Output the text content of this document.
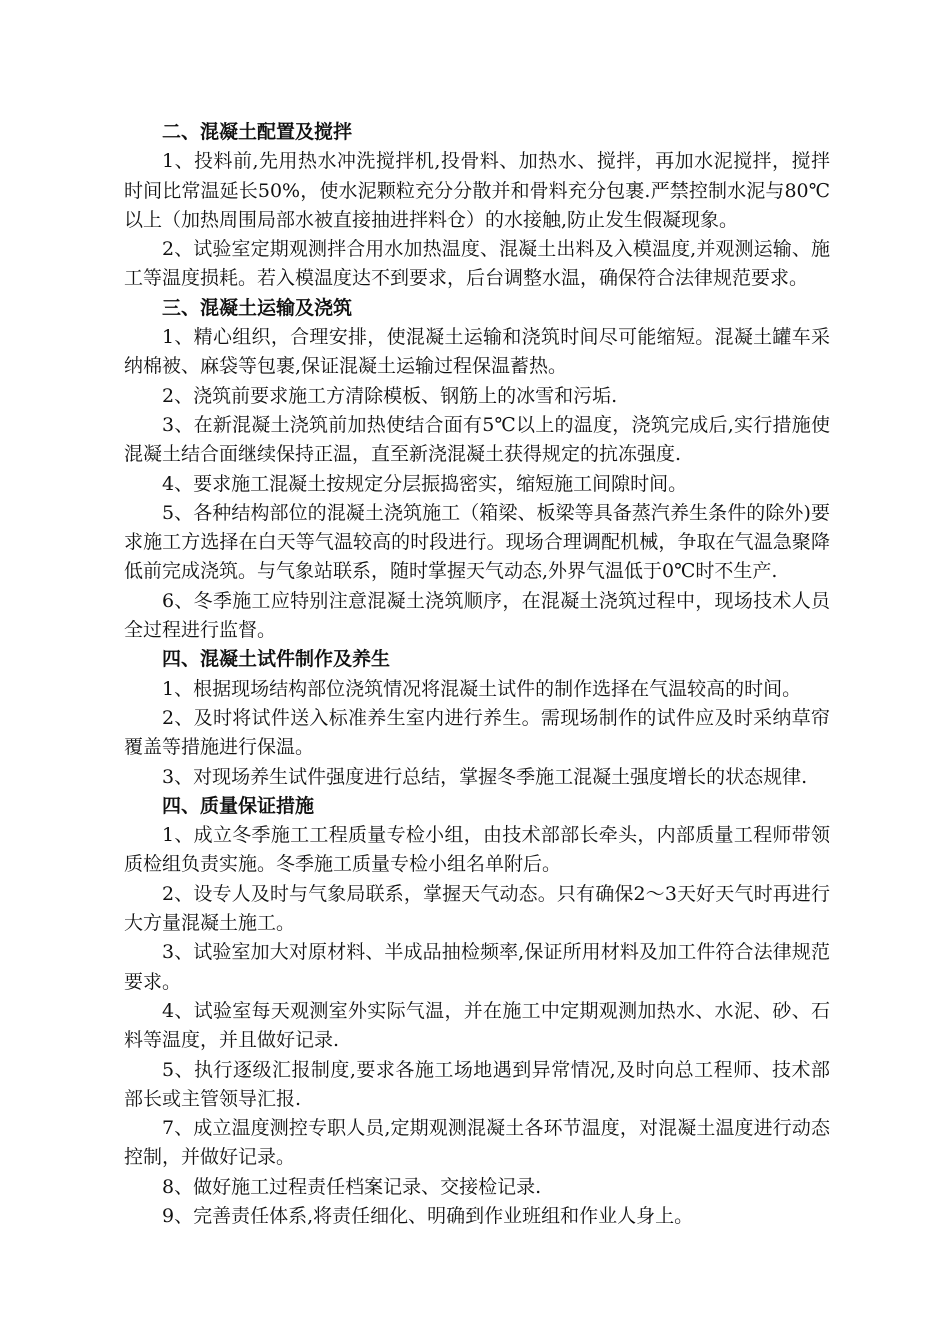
二、混凝土配置及搅拌

1、投料前,先用热水冲洗搅拌机,投骨料、加热水、搅拌，再加水泥搅拌，搅拌时间比常温延长50%，使水泥颗粒充分分散并和骨料充分包裹.严禁控制水泥与80℃以上（加热周围局部水被直接抽进拌料仓）的水接触,防止发生假凝现象。

2、试验室定期观测拌合用水加热温度、混凝土出料及入模温度,并观测运输、施工等温度损耗。若入模温度达不到要求，后台调整水温，确保符合法律规范要求。

三、混凝土运输及浇筑

1、精心组织，合理安排，使混凝土运输和浇筑时间尽可能缩短。混凝土罐车采纳棉被、麻袋等包裹,保证混凝土运输过程保温蓄热。

2、浇筑前要求施工方清除模板、钢筋上的冰雪和污垢.

3、在新混凝土浇筑前加热使结合面有5℃以上的温度，浇筑完成后,实行措施使混凝土结合面继续保持正温，直至新浇混凝土获得规定的抗冻强度.

4、要求施工混凝土按规定分层振捣密实，缩短施工间隙时间。

5、各种结构部位的混凝土浇筑施工（箱梁、板梁等具备蒸汽养生条件的除外)要求施工方选择在白天等气温较高的时段进行。现场合理调配机械，争取在气温急聚降低前完成浇筑。与气象站联系，随时掌握天气动态,外界气温低于0℃时不生产.

6、冬季施工应特别注意混凝土浇筑顺序，在混凝土浇筑过程中，现场技术人员全过程进行监督。

四、混凝土试件制作及养生

1、根据现场结构部位浇筑情况将混凝土试件的制作选择在气温较高的时间。

2、及时将试件送入标准养生室内进行养生。需现场制作的试件应及时采纳草帘覆盖等措施进行保温。

3、对现场养生试件强度进行总结，掌握冬季施工混凝土强度增长的状态规律.

四、质量保证措施

1、成立冬季施工工程质量专检小组，由技术部部长牵头，内部质量工程师带领质检组负责实施。冬季施工质量专检小组名单附后。

2、设专人及时与气象局联系，掌握天气动态。只有确保2～3天好天气时再进行大方量混凝土施工。

3、试验室加大对原材料、半成品抽检频率,保证所用材料及加工件符合法律规范要求。

4、试验室每天观测室外实际气温，并在施工中定期观测加热水、水泥、砂、石料等温度，并且做好记录.

5、执行逐级汇报制度,要求各施工场地遇到异常情况,及时向总工程师、技术部部长或主管领导汇报.

7、成立温度测控专职人员,定期观测混凝土各环节温度，对混凝土温度进行动态控制，并做好记录。

8、做好施工过程责任档案记录、交接检记录.

9、完善责任体系,将责任细化、明确到作业班组和作业人身上。
